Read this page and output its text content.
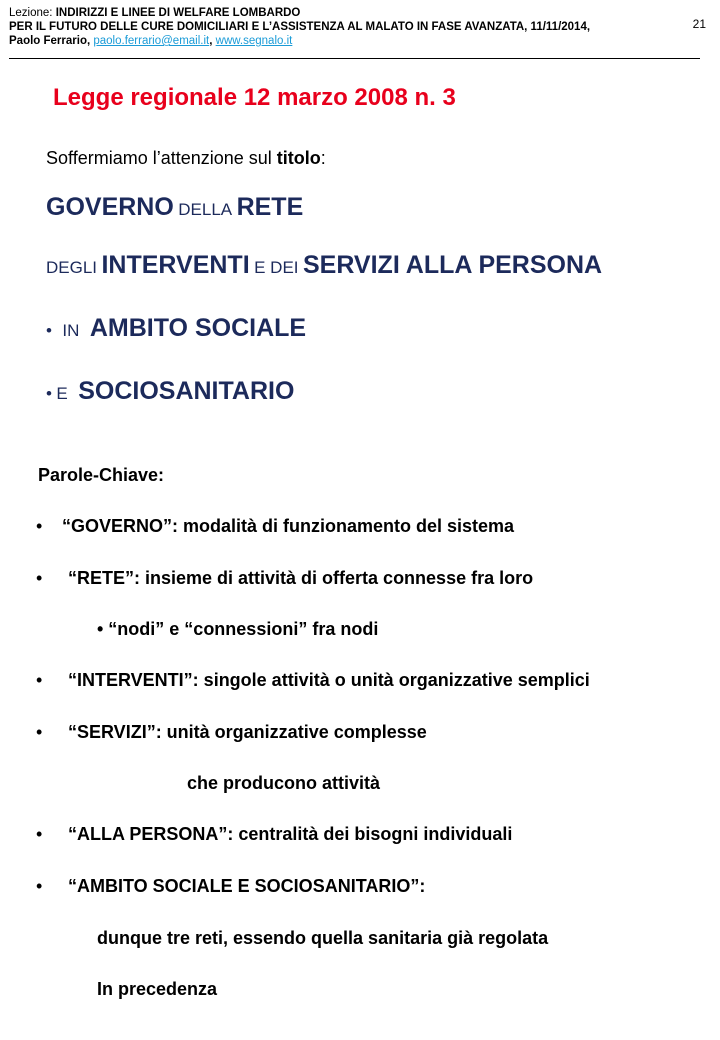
Lezione: INDIRIZZI E LINEE DI WELFARE LOMBARDO
PER IL FUTURO DELLE CURE DOMICILIARI E L’ASSISTENZA AL MALATO IN FASE AVANZATA, 11/11/2014,
Paolo Ferrario, paolo.ferrario@email.it, www.segnalo.it
21
Legge regionale 12 marzo 2008 n. 3
Soffermiamo l’attenzione sul titolo:
GOVERNO DELLA RETE
DEGLI INTERVENTI E DEI SERVIZI ALLA PERSONA
• IN AMBITO SOCIALE
• E SOCIOSANITARIO
Parole-Chiave:
• “GOVERNO”: modalità di funzionamento del sistema
• “RETE”: insieme di attività di offerta connesse fra loro
• “nodi” e “connessioni” fra nodi
• “INTERVENTI”: singole attività o unità organizzative semplici
• “SERVIZI”: unità organizzative complesse
che producono attività
• “ALLA PERSONA”: centralità dei bisogni individuali
• “AMBITO SOCIALE E SOCIOSANITARIO”:
dunque tre reti, essendo quella sanitaria già regolata
In precedenza
